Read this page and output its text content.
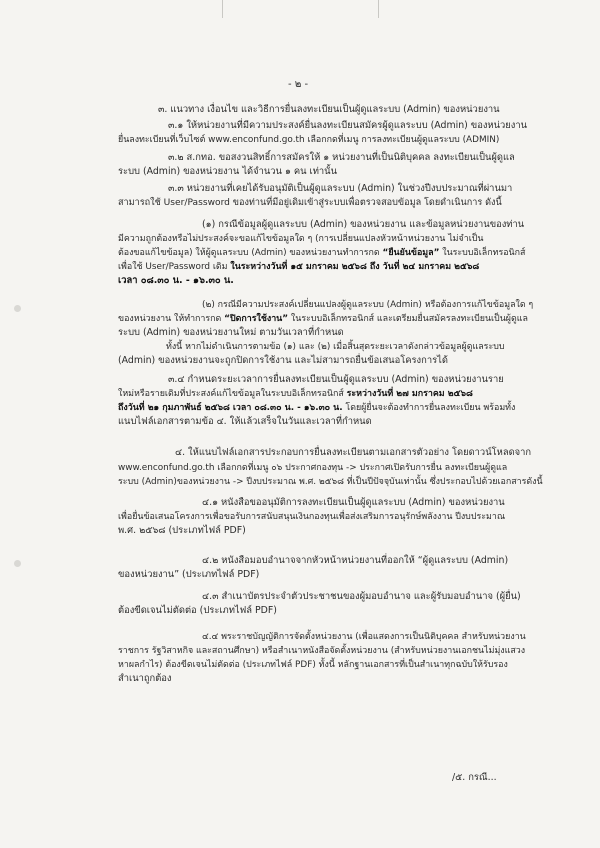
- ๒ -

๓. แนวทาง เงื่อนไข และวิธีการยื่นลงทะเบียนเป็นผู้ดูแลระบบ (Admin) ของหน่วยงาน

๓.๑ ให้หน่วยงานที่มีความประสงค์ยื่นลงทะเบียนสมัครผู้ดูแลระบบ (Admin) ของหน่วยงาน

ยื่นลงทะเบียนที่เว็บไซต์ www.enconfund.go.th เลือกกดที่เมนู การลงทะเบียนผู้ดูแลระบบ (ADMIN)

๓.๒ ส.กทอ. ขอสงวนสิทธิ์การสมัครให้ ๑ หน่วยงานที่เป็นนิติบุคคล ลงทะเบียนเป็นผู้ดูแล

ระบบ (Admin) ของหน่วยงาน ได้จำนวน ๑ คน เท่านั้น

๓.๓ หน่วยงานที่เคยได้รับอนุมัติเป็นผู้ดูแลระบบ (Admin) ในช่วงปีงบประมาณที่ผ่านมา

สามารถใช้ User/Password ของท่านที่มีอยู่เดิมเข้าสู่ระบบเพื่อตรวจสอบข้อมูล โดยดำเนินการ ดังนี้

(๑) กรณีข้อมูลผู้ดูแลระบบ (Admin) ของหน่วยงาน และข้อมูลหน่วยงานของท่าน

มีความถูกต้องหรือไม่ประสงค์จะขอแก้ไขข้อมูลใด ๆ (การเปลี่ยนแปลงหัวหน้าหน่วยงาน ไม่จำเป็น

ต้องขอแก้ไขข้อมูล) ให้ผู้ดูแลระบบ (Admin) ของหน่วยงานทำการกด “ยืนยันข้อมูล” ในระบบอิเล็กทรอนิกส์

เพื่อใช้ User/Password เดิม ในระหว่างวันที่ ๑๕ มกราคม ๒๕๖๘ ถึง วันที่ ๒๔ มกราคม ๒๕๖๘

เวลา ๐๘.๓๐ น. - ๑๖.๓๐ น.

(๒) กรณีมีความประสงค์เปลี่ยนแปลงผู้ดูแลระบบ (Admin) หรือต้องการแก้ไขข้อมูลใด ๆ

ของหน่วยงาน ให้ทำการกด “ปิดการใช้งาน” ในระบบอิเล็กทรอนิกส์ และเตรียมยื่นสมัครลงทะเบียนเป็นผู้ดูแล

ระบบ (Admin) ของหน่วยงานใหม่ ตามวันเวลาที่กำหนด

ทั้งนี้ หากไม่ดำเนินการตามข้อ (๑) และ (๒) เมื่อสิ้นสุดระยะเวลาดังกล่าวข้อมูลผู้ดูแลระบบ

(Admin) ของหน่วยงานจะถูกปิดการใช้งาน และไม่สามารถยื่นข้อเสนอโครงการได้

๓.๔ กำหนดระยะเวลาการยื่นลงทะเบียนเป็นผู้ดูแลระบบ (Admin) ของหน่วยงานราย

ใหม่หรือรายเดิมที่ประสงค์แก้ไขข้อมูลในระบบอิเล็กทรอนิกส์ ระหว่างวันที่ ๒๗ มกราคม ๒๕๖๘

ถึงวันที่ ๒๑ กุมภาพันธ์ ๒๕๖๘ เวลา ๐๘.๓๐ น. - ๑๖.๓๐ น. โดยผู้ยื่นจะต้องทำการยื่นลงทะเบียน พร้อมทั้ง

แนบไฟล์เอกสารตามข้อ ๔. ให้แล้วเสร็จในวันและเวลาที่กำหนด

๔. ให้แนบไฟล์เอกสารประกอบการยื่นลงทะเบียนตามเอกสารตัวอย่าง โดยดาวน์โหลดจาก

www.enconfund.go.th เลือกกดที่เมนู ๐๖ ประกาศกองทุน -> ประกาศเปิดรับการยื่น ลงทะเบียนผู้ดูแล

ระบบ (Admin)ของหน่วยงาน -> ปีงบประมาณ พ.ศ. ๒๕๖๘ ที่เป็นปีปัจจุบันเท่านั้น ซึ่งประกอบไปด้วยเอกสารดังนี้

๔.๑ หนังสือขออนุมัติการลงทะเบียนเป็นผู้ดูแลระบบ (Admin) ของหน่วยงาน

เพื่อยื่นข้อเสนอโครงการเพื่อขอรับการสนับสนุนเงินกองทุนเพื่อส่งเสริมการอนุรักษ์พลังงาน ปีงบประมาณ

พ.ศ. ๒๕๖๘ (ประเภทไฟล์ PDF)

๔.๒ หนังสือมอบอำนาจจากหัวหน้าหน่วยงานที่ออกให้ “ผู้ดูแลระบบ (Admin)

ของหน่วยงาน” (ประเภทไฟล์ PDF)

๔.๓ สำเนาบัตรประจำตัวประชาชนของผู้มอบอำนาจ และผู้รับมอบอำนาจ (ผู้ยื่น)

ต้องขีดเจนไม่ตัดต่อ (ประเภทไฟล์ PDF)

๔.๔ พระราชบัญญัติการจัดตั้งหน่วยงาน (เพื่อแสดงการเป็นนิติบุคคล สำหรับหน่วยงาน

ราชการ รัฐวิสาหกิจ และสถานศึกษา) หรือสำเนาหนังสือจัดตั้งหน่วยงาน (สำหรับหน่วยงานเอกชนไม่มุ่งแสวง

หาผลกำไร) ต้องขีดเจนไม่ตัดต่อ (ประเภทไฟล์ PDF) ทั้งนี้ หลักฐานเอกสารที่เป็นสำเนาทุกฉบับให้รับรอง

สำเนาถูกต้อง

/๕. กรณี...
